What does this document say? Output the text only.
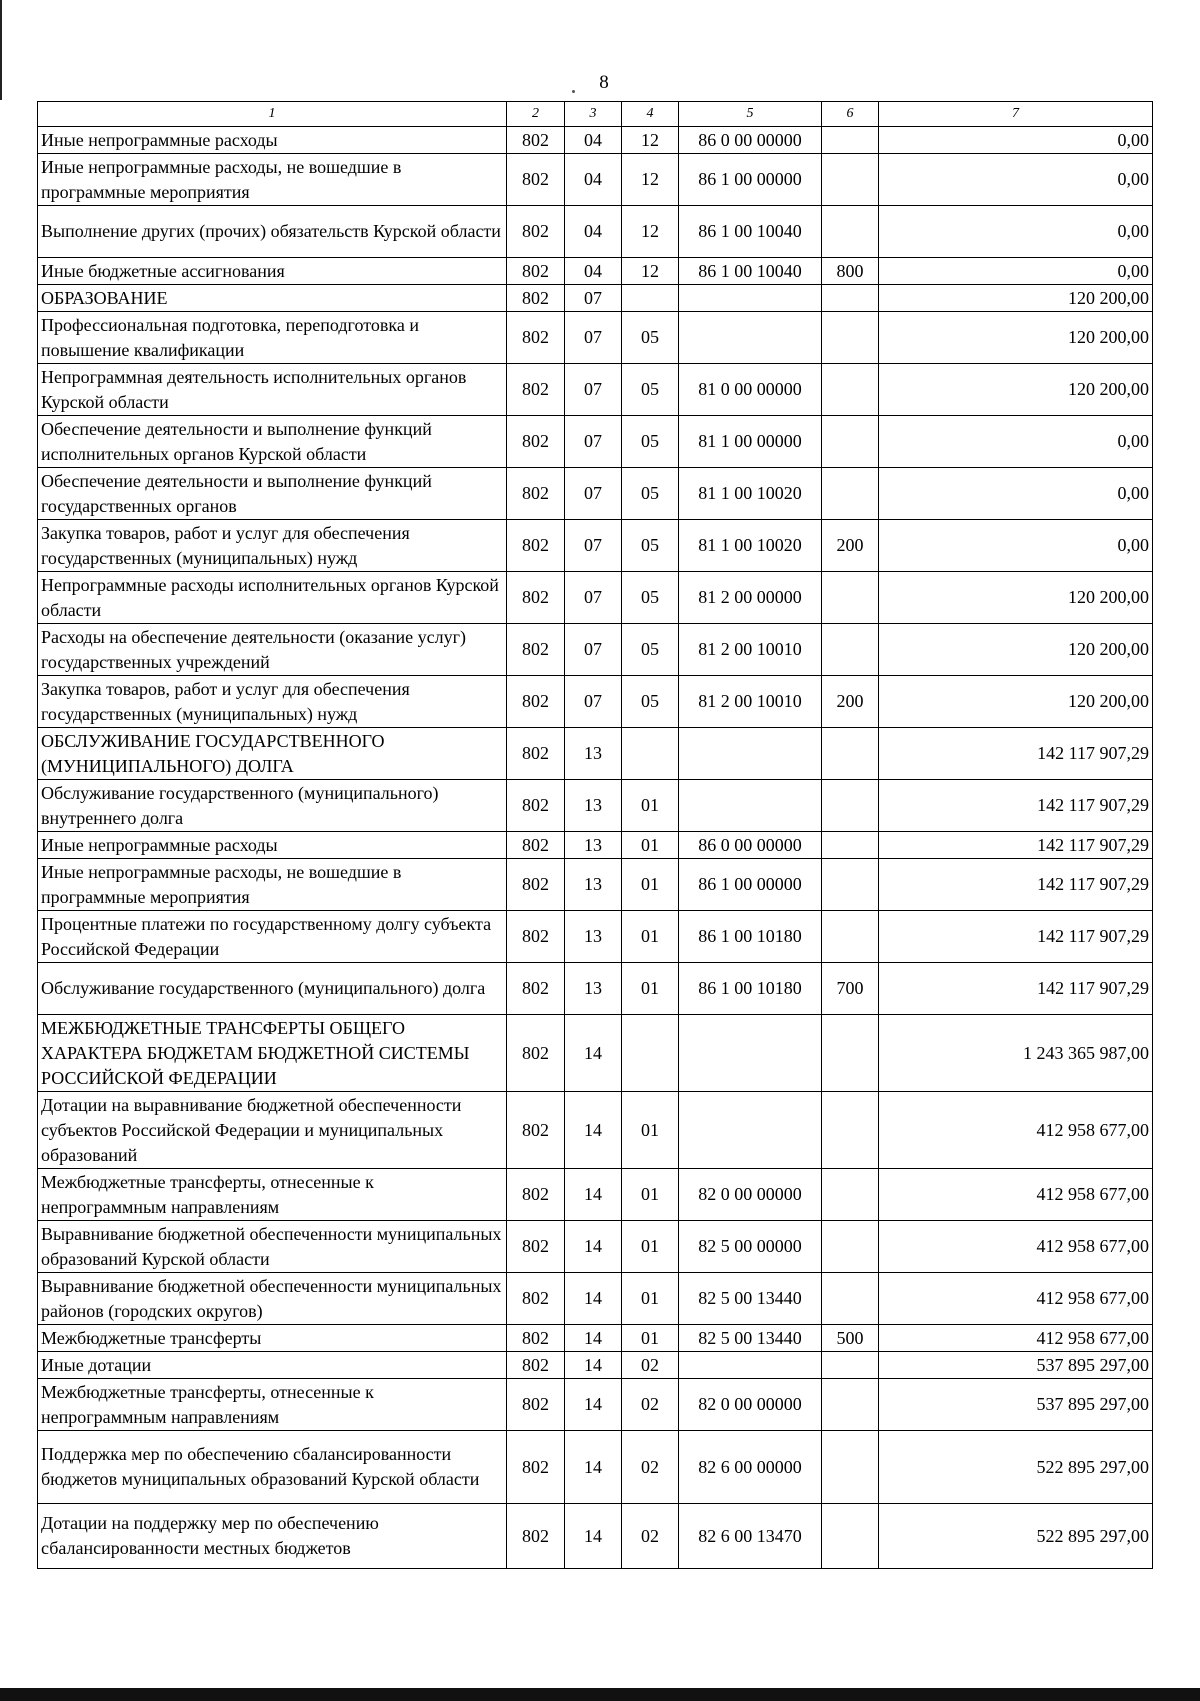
8
1	2	3	4	5	6	7
Иные непрограммные расходы	802	04	12	86 0 00 00000		0,00
Иные непрограммные расходы, не вошедшие в программные мероприятия	802	04	12	86 1 00 00000		0,00
Выполнение других (прочих) обязательств Курской области	802	04	12	86 1 00 10040		0,00
Иные бюджетные ассигнования	802	04	12	86 1 00 10040	800	0,00
ОБРАЗОВАНИЕ	802	07				120 200,00
Профессиональная подготовка, переподготовка и повышение квалификации	802	07	05			120 200,00
Непрограммная деятельность исполнительных органов Курской области	802	07	05	81 0 00 00000		120 200,00
Обеспечение деятельности и выполнение функций исполнительных органов Курской области	802	07	05	81 1 00 00000		0,00
Обеспечение деятельности и выполнение функций государственных органов	802	07	05	81 1 00 10020		0,00
Закупка товаров, работ и услуг для обеспечения государственных (муниципальных) нужд	802	07	05	81 1 00 10020	200	0,00
Непрограммные расходы исполнительных органов Курской области	802	07	05	81 2 00 00000		120 200,00
Расходы на обеспечение деятельности (оказание услуг) государственных учреждений	802	07	05	81 2 00 10010		120 200,00
Закупка товаров, работ и услуг для обеспечения государственных (муниципальных) нужд	802	07	05	81 2 00 10010	200	120 200,00
ОБСЛУЖИВАНИЕ ГОСУДАРСТВЕННОГО (МУНИЦИПАЛЬНОГО) ДОЛГА	802	13				142 117 907,29
Обслуживание государственного (муниципального) внутреннего долга	802	13	01			142 117 907,29
Иные непрограммные расходы	802	13	01	86 0 00 00000		142 117 907,29
Иные непрограммные расходы, не вошедшие в программные мероприятия	802	13	01	86 1 00 00000		142 117 907,29
Процентные платежи по государственному долгу субъекта Российской Федерации	802	13	01	86 1 00 10180		142 117 907,29
Обслуживание государственного (муниципального) долга	802	13	01	86 1 00 10180	700	142 117 907,29
МЕЖБЮДЖЕТНЫЕ ТРАНСФЕРТЫ ОБЩЕГО ХАРАКТЕРА БЮДЖЕТАМ БЮДЖЕТНОЙ СИСТЕМЫ РОССИЙСКОЙ ФЕДЕРАЦИИ	802	14				1 243 365 987,00
Дотации на выравнивание бюджетной обеспеченности субъектов Российской Федерации и муниципальных образований	802	14	01			412 958 677,00
Межбюджетные трансферты, отнесенные к непрограммным направлениям	802	14	01	82 0 00 00000		412 958 677,00
Выравнивание бюджетной обеспеченности муниципальных образований Курской области	802	14	01	82 5 00 00000		412 958 677,00
Выравнивание бюджетной обеспеченности муниципальных районов (городских округов)	802	14	01	82 5 00 13440		412 958 677,00
Межбюджетные трансферты	802	14	01	82 5 00 13440	500	412 958 677,00
Иные дотации	802	14	02			537 895 297,00
Межбюджетные трансферты, отнесенные к непрограммным направлениям	802	14	02	82 0 00 00000		537 895 297,00
Поддержка мер по обеспечению сбалансированности бюджетов муниципальных образований Курской области	802	14	02	82 6 00 00000		522 895 297,00
Дотации на поддержку мер по обеспечению сбалансированности местных бюджетов	802	14	02	82 6 00 13470		522 895 297,00
